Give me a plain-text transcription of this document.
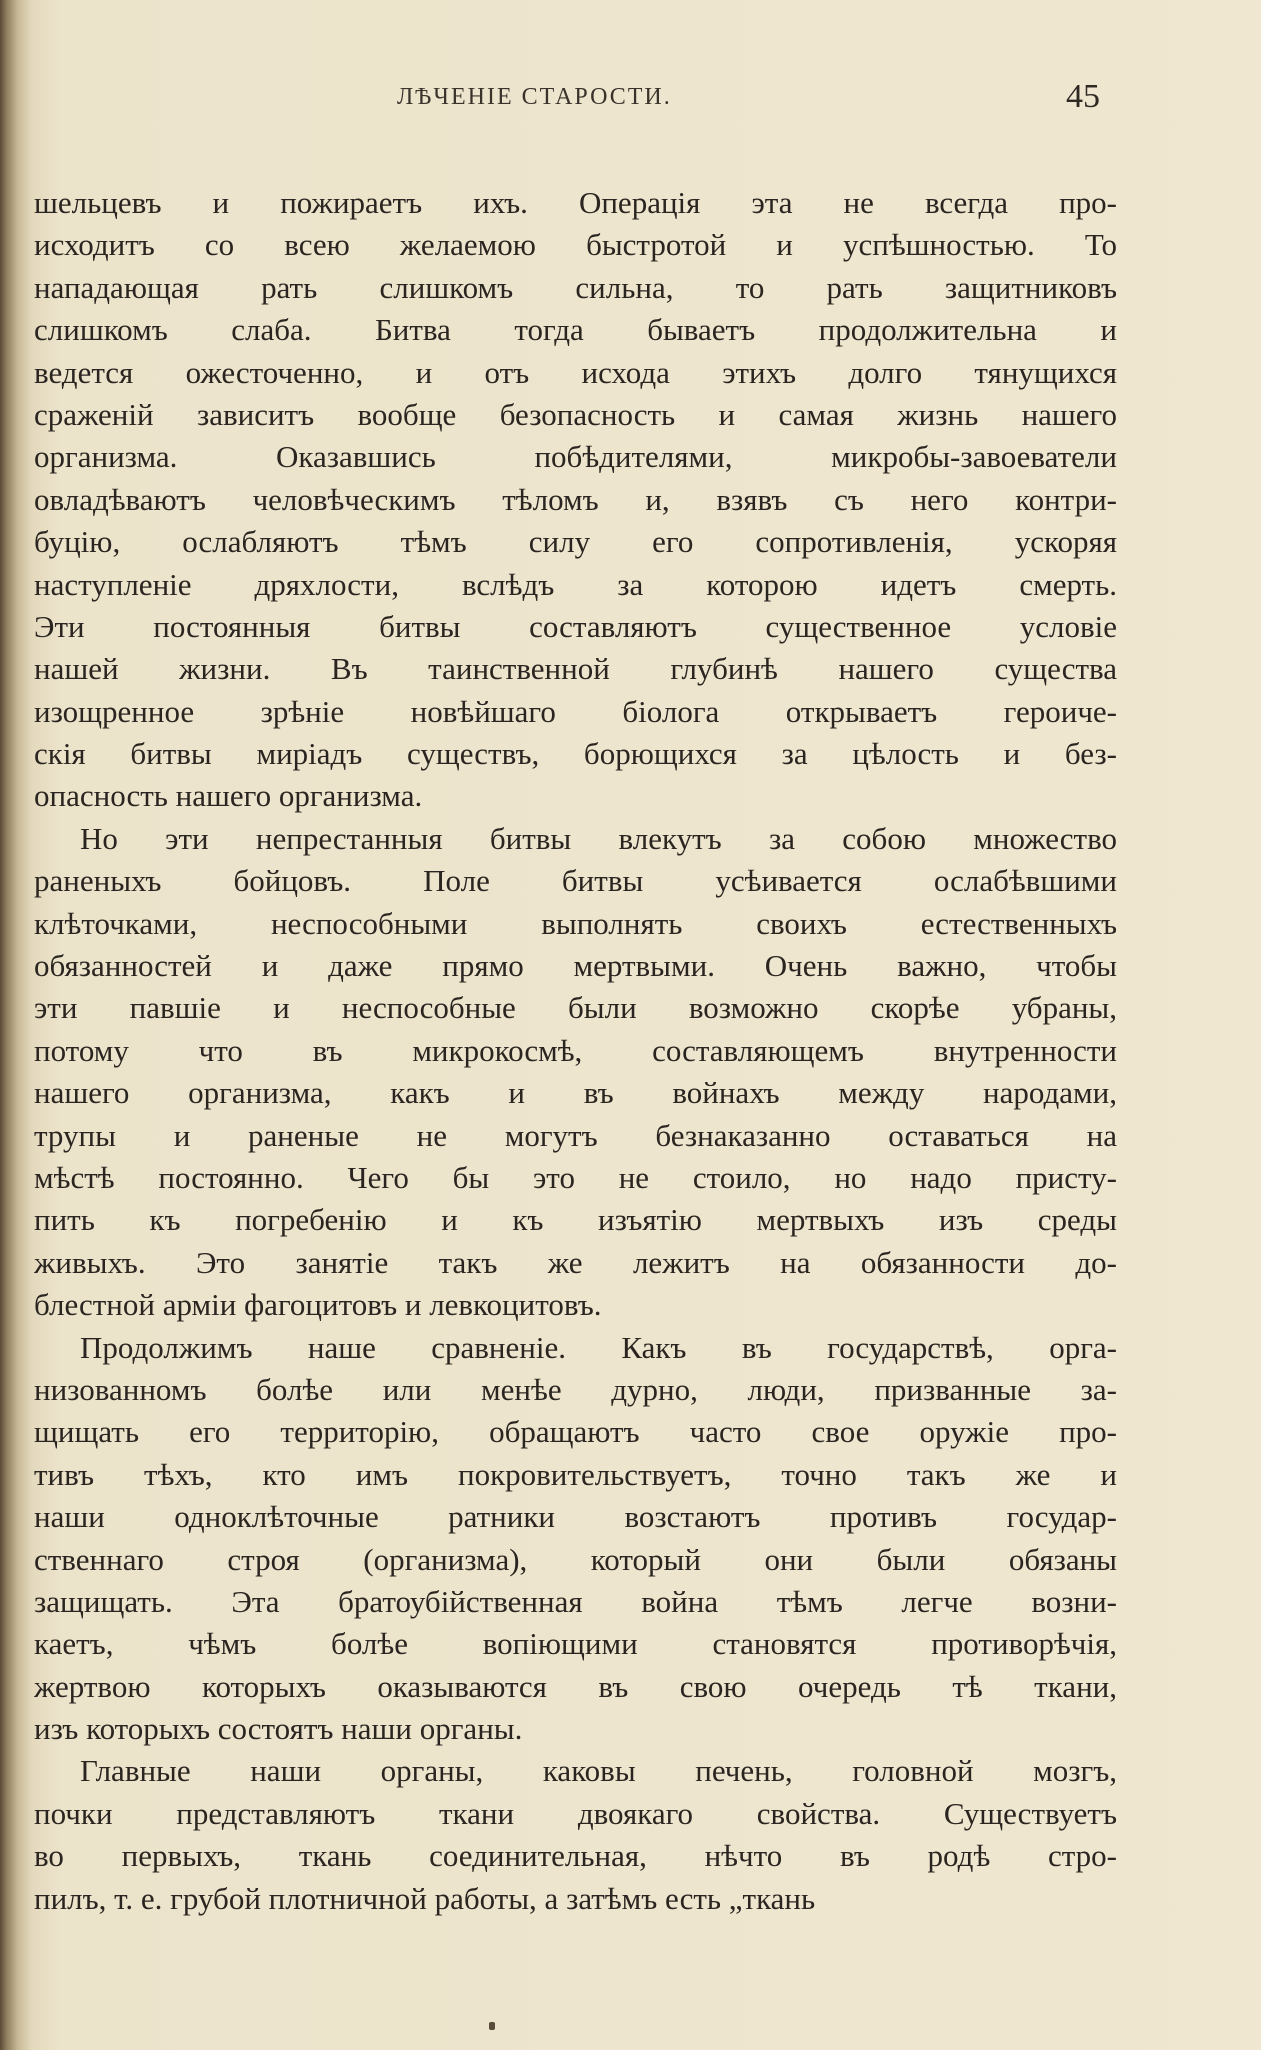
ЛѢЧЕНІЕ СТАРОСТИ.	45
шельцевъ и пожираетъ ихъ. Операція эта не всегда про-
исходитъ со всею желаемою быстротой и успѣшностью. То
нападающая рать слишкомъ сильна, то рать защитниковъ
слишкомъ слаба. Битва тогда бываетъ продолжительна и
ведется ожесточенно, и отъ исхода этихъ долго тянущихся
сраженій зависитъ вообще безопасность и самая жизнь нашего
организма. Оказавшись побѣдителями, микробы-завоеватели
овладѣваютъ человѣческимъ тѣломъ и, взявъ съ него контри-
буцію, ослабляютъ тѣмъ силу его сопротивленія, ускоряя
наступленіе дряхлости, вслѣдъ за которою идетъ смерть.
Эти постоянныя битвы составляютъ существенное условіе
нашей жизни. Въ таинственной глубинѣ нашего существа
изощренное зрѣніе новѣйшаго біолога открываетъ героиче-
скія битвы миріадъ существъ, борющихся за цѣлость и без-
опасность нашего организма.
Но эти непрестанныя битвы влекутъ за собою множество
раненыхъ бойцовъ. Поле битвы усѣивается ослабѣвшими
клѣточками, неспособными выполнять своихъ естественныхъ
обязанностей и даже прямо мертвыми. Очень важно, чтобы
эти павшіе и неспособные были возможно скорѣе убраны,
потому что въ микрокосмѣ, составляющемъ внутренности
нашего организма, какъ и въ войнахъ между народами,
трупы и раненые не могутъ безнаказанно оставаться на
мѣстѣ постоянно. Чего бы это не стоило, но надо присту-
пить къ погребенію и къ изъятію мертвыхъ изъ среды
живыхъ. Это занятіе такъ же лежитъ на обязанности до-
блестной арміи фагоцитовъ и левкоцитовъ.
Продолжимъ наше сравненіе. Какъ въ государствѣ, орга-
низованномъ болѣе или менѣе дурно, люди, призванные за-
щищать его территорію, обращаютъ часто свое оружіе про-
тивъ тѣхъ, кто имъ покровительствуетъ, точно такъ же и
наши одноклѣточные ратники возстаютъ противъ государ-
ственнаго строя (организма), который они были обязаны
защищать. Эта братоубійственная война тѣмъ легче возни-
каетъ, чѣмъ болѣе вопіющими становятся противорѣчія,
жертвою которыхъ оказываются въ свою очередь тѣ ткани,
изъ которыхъ состоятъ наши органы.
Главные наши органы, каковы печень, головной мозгъ,
почки представляютъ ткани двоякаго свойства. Существуетъ
во первыхъ, ткань соединительная, нѣчто въ родѣ стро-
пилъ, т. е. грубой плотничной работы, а затѣмъ есть „ткань
